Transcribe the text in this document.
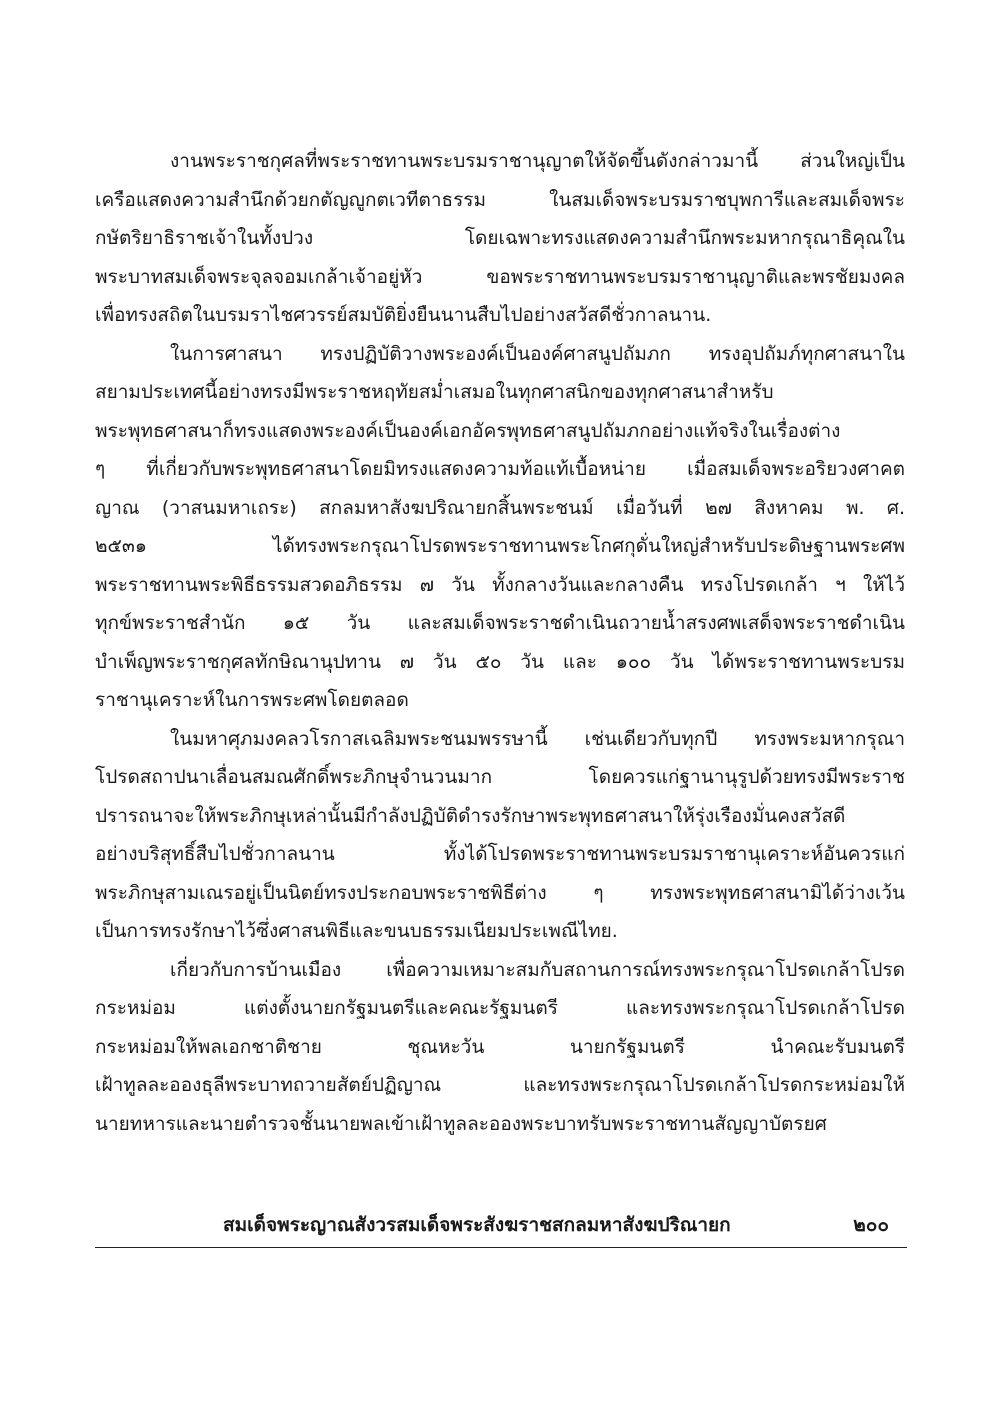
งานพระราชกุศลที่พระราชทานพระบรมราชานุญาตให้จัดขึ้นดังกล่าวมานี้ ส่วนใหญ่เป็น
เครือแสดงความสำนึกด้วยกตัญญูกตเวทีตาธรรม ในสมเด็จพระบรมราชบุพการีและสมเด็จพระ
กษัตริยาธิราชเจ้าในทั้งปวง โดยเฉพาะทรงแสดงความสำนึกพระมหากรุณาธิคุณใน
พระบาทสมเด็จพระจุลจอมเกล้าเจ้าอยู่หัว ขอพระราชทานพระบรมราชานุญาติและพรชัยมงคล
เพื่อทรงสถิตในบรมราไชศวรรย์สมบัติยิ่งยืนนานสืบไปอย่างสวัสดีชั่วกาลนาน.
ในการศาสนา ทรงปฏิบัติวางพระองค์เป็นองค์ศาสนูปถัมภก ทรงอุปถัมภ์ทุกศาสนาใน
สยามประเทศนี้อย่างทรงมีพระราชหฤทัยสม่ำเสมอในทุกศาสนิกของทุกศาสนาสำหรับ
พระพุทธศาสนาก็ทรงแสดงพระองค์เป็นองค์เอกอัครพุทธศาสนูปถัมภกอย่างแท้จริงในเรื่องต่าง
ๆ ที่เกี่ยวกับพระพุทธศาสนาโดยมิทรงแสดงความท้อแท้เบื้อหน่าย เมื่อสมเด็จพระอริยวงศาคต
ญาณ (วาสนมหาเถระ) สกลมหาสังฆปริณายกสิ้นพระชนม์ เมื่อวันที่ ๒๗ สิงหาคม พ. ศ.
๒๕๓๑ ได้ทรงพระกรุณาโปรดพระราชทานพระโกศกุดั่นใหญ่สำหรับประดิษฐานพระศพ
พระราชทานพระพิธีธรรมสวดอภิธรรม ๗ วัน ทั้งกลางวันและกลางคืน ทรงโปรดเกล้า ฯ ให้ไว้
ทุกข์พระราชสำนัก ๑๕ วัน และสมเด็จพระราชดำเนินถวายน้ำสรงศพเสด็จพระราชดำเนิน
บำเพ็ญพระราชกุศลทักษิณานุปทาน ๗ วัน ๕๐ วัน และ ๑๐๐ วัน ได้พระราชทานพระบรม
ราชานุเคราะห์ในการพระศพโดยตลอด
ในมหาศุภมงคลวโรกาสเฉลิมพระชนมพรรษานี้ เช่นเดียวกับทุกปี ทรงพระมหากรุณา
โปรดสถาปนาเลื่อนสมณศักดิ์พระภิกษุจำนวนมาก โดยควรแก่ฐานานุรูปด้วยทรงมีพระราช
ปรารถนาจะให้พระภิกษุเหล่านั้นมีกำลังปฏิบัติดำรงรักษาพระพุทธศาสนาให้รุ่งเรืองมั่นคงสวัสดี
อย่างบริสุทธิ์สืบไปชั่วกาลนาน ทั้งได้โปรดพระราชทานพระบรมราชานุเคราะห์อันควรแก่
พระภิกษุสามเณรอยู่เป็นนิตย์ทรงประกอบพระราชพิธีต่าง ๆ ทรงพระพุทธศาสนามิได้ว่างเว้น
เป็นการทรงรักษาไว้ซึ่งศาสนพิธีและขนบธรรมเนียมประเพณีไทย.
เกี่ยวกับการบ้านเมือง เพื่อความเหมาะสมกับสถานการณ์ทรงพระกรุณาโปรดเกล้าโปรด
กระหม่อม แต่งตั้งนายกรัฐมนตรีและคณะรัฐมนตรี และทรงพระกรุณาโปรดเกล้าโปรด
กระหม่อมให้พลเอกชาติชาย ชุณหะวัน นายกรัฐมนตรี นำคณะรับมนตรี
เฝ้าทูลละอองธุลีพระบาทถวายสัตย์ปฏิญาณ และทรงพระกรุณาโปรดเกล้าโปรดกระหม่อมให้
นายทหารและนายตำรวจชั้นนายพลเข้าเฝ้าทูลละอองพระบาทรับพระราชทานสัญญาบัตรยศ
สมเด็จพระญาณสังวรสมเด็จพระสังฆราชสกลมหาสังฆปริณายก	๒๐๐
